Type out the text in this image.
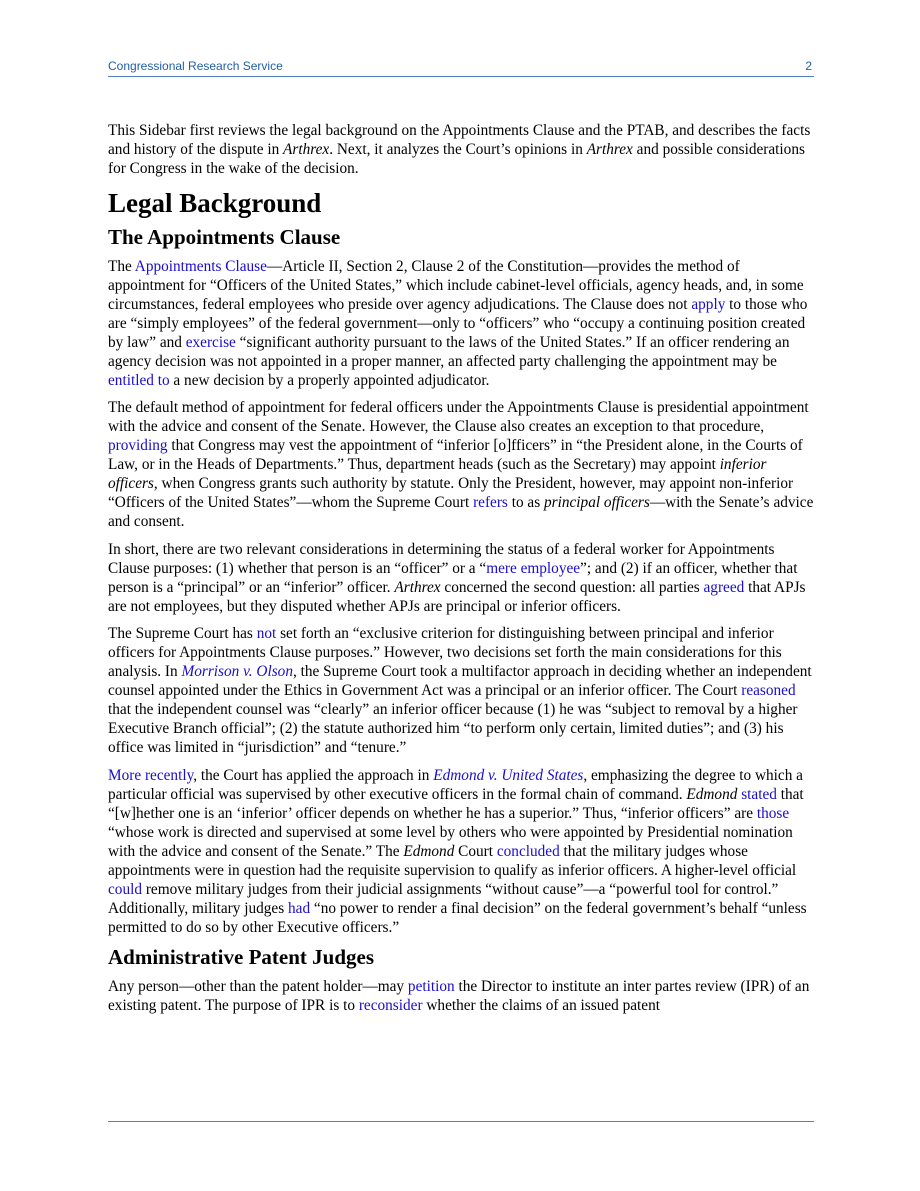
Congressional Research Service	2

This Sidebar first reviews the legal background on the Appointments Clause and the PTAB, and describes the facts and history of the dispute in Arthrex. Next, it analyzes the Court’s opinions in Arthrex and possible considerations for Congress in the wake of the decision.

Legal Background
The Appointments Clause

The Appointments Clause—Article II, Section 2, Clause 2 of the Constitution—provides the method of appointment for “Officers of the United States,” which include cabinet-level officials, agency heads, and, in some circumstances, federal employees who preside over agency adjudications. The Clause does not apply to those who are “simply employees” of the federal government—only to “officers” who “occupy a continuing position created by law” and exercise “significant authority pursuant to the laws of the United States.” If an officer rendering an agency decision was not appointed in a proper manner, an affected party challenging the appointment may be entitled to a new decision by a properly appointed adjudicator.

The default method of appointment for federal officers under the Appointments Clause is presidential appointment with the advice and consent of the Senate. However, the Clause also creates an exception to that procedure, providing that Congress may vest the appointment of “inferior [o]fficers” in “the President alone, in the Courts of Law, or in the Heads of Departments.” Thus, department heads (such as the Secretary) may appoint inferior officers, when Congress grants such authority by statute. Only the President, however, may appoint non-inferior “Officers of the United States”—whom the Supreme Court refers to as principal officers—with the Senate’s advice and consent.

In short, there are two relevant considerations in determining the status of a federal worker for Appointments Clause purposes: (1) whether that person is an “officer” or a “mere employee”; and (2) if an officer, whether that person is a “principal” or an “inferior” officer. Arthrex concerned the second question: all parties agreed that APJs are not employees, but they disputed whether APJs are principal or inferior officers.

The Supreme Court has not set forth an “exclusive criterion for distinguishing between principal and inferior officers for Appointments Clause purposes.” However, two decisions set forth the main considerations for this analysis. In Morrison v. Olson, the Supreme Court took a multifactor approach in deciding whether an independent counsel appointed under the Ethics in Government Act was a principal or an inferior officer. The Court reasoned that the independent counsel was “clearly” an inferior officer because (1) he was “subject to removal by a higher Executive Branch official”; (2) the statute authorized him “to perform only certain, limited duties”; and (3) his office was limited in “jurisdiction” and “tenure.”

More recently, the Court has applied the approach in Edmond v. United States, emphasizing the degree to which a particular official was supervised by other executive officers in the formal chain of command. Edmond stated that “[w]hether one is an ‘inferior’ officer depends on whether he has a superior.” Thus, “inferior officers” are those “whose work is directed and supervised at some level by others who were appointed by Presidential nomination with the advice and consent of the Senate.” The Edmond Court concluded that the military judges whose appointments were in question had the requisite supervision to qualify as inferior officers. A higher-level official could remove military judges from their judicial assignments “without cause”—a “powerful tool for control.” Additionally, military judges had “no power to render a final decision” on the federal government’s behalf “unless permitted to do so by other Executive officers.”

Administrative Patent Judges

Any person—other than the patent holder—may petition the Director to institute an inter partes review (IPR) of an existing patent. The purpose of IPR is to reconsider whether the claims of an issued patent
